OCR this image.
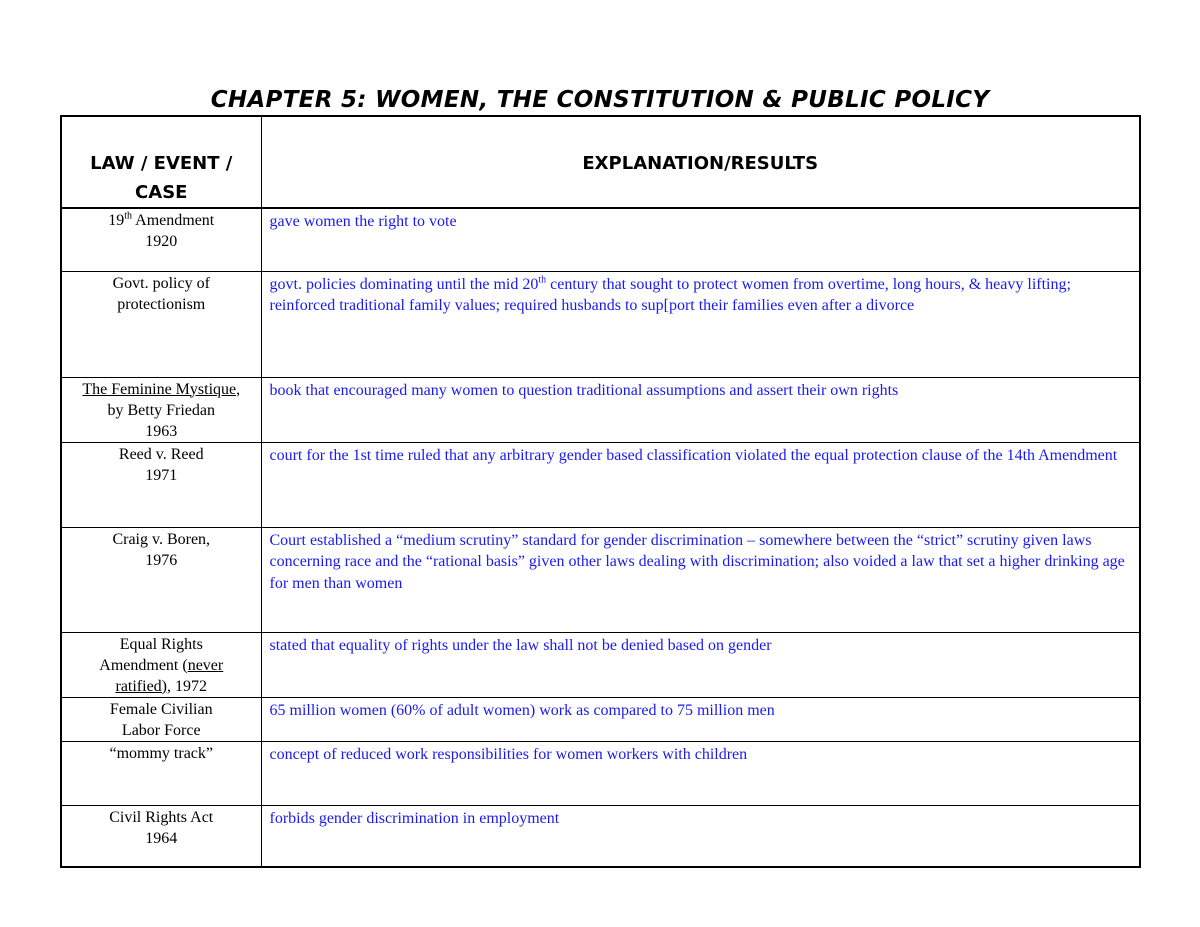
CHAPTER 5: WOMEN, THE CONSTITUTION & PUBLIC POLICY
LAW / EVENT / CASE	EXPLANATION/RESULTS
19th Amendment
1920	gave women the right to vote
Govt. policy of
protectionism	govt. policies dominating until the mid 20th century that sought to protect women from overtime, long hours, & heavy lifting; reinforced traditional family values; required husbands to sup[port their families even after a divorce
The Feminine Mystique,
by Betty Friedan
1963	book that encouraged many women to question traditional assumptions and assert their own rights
Reed v. Reed
1971	court for the 1st time ruled that any arbitrary gender based classification violated the equal protection clause of the 14th Amendment
Craig v. Boren,
1976	Court established a “medium scrutiny” standard for gender discrimination – somewhere between the “strict” scrutiny given laws concerning race and the “rational basis” given other laws dealing with discrimination; also voided a law that set a higher drinking age for men than women
Equal Rights
Amendment (never
ratified), 1972	stated that equality of rights under the law shall not be denied based on gender
Female Civilian
Labor Force	65 million women (60% of adult women) work as compared to 75 million men
“mommy track”	concept of reduced work responsibilities for women workers with children
Civil Rights Act
1964	forbids gender discrimination in employment
